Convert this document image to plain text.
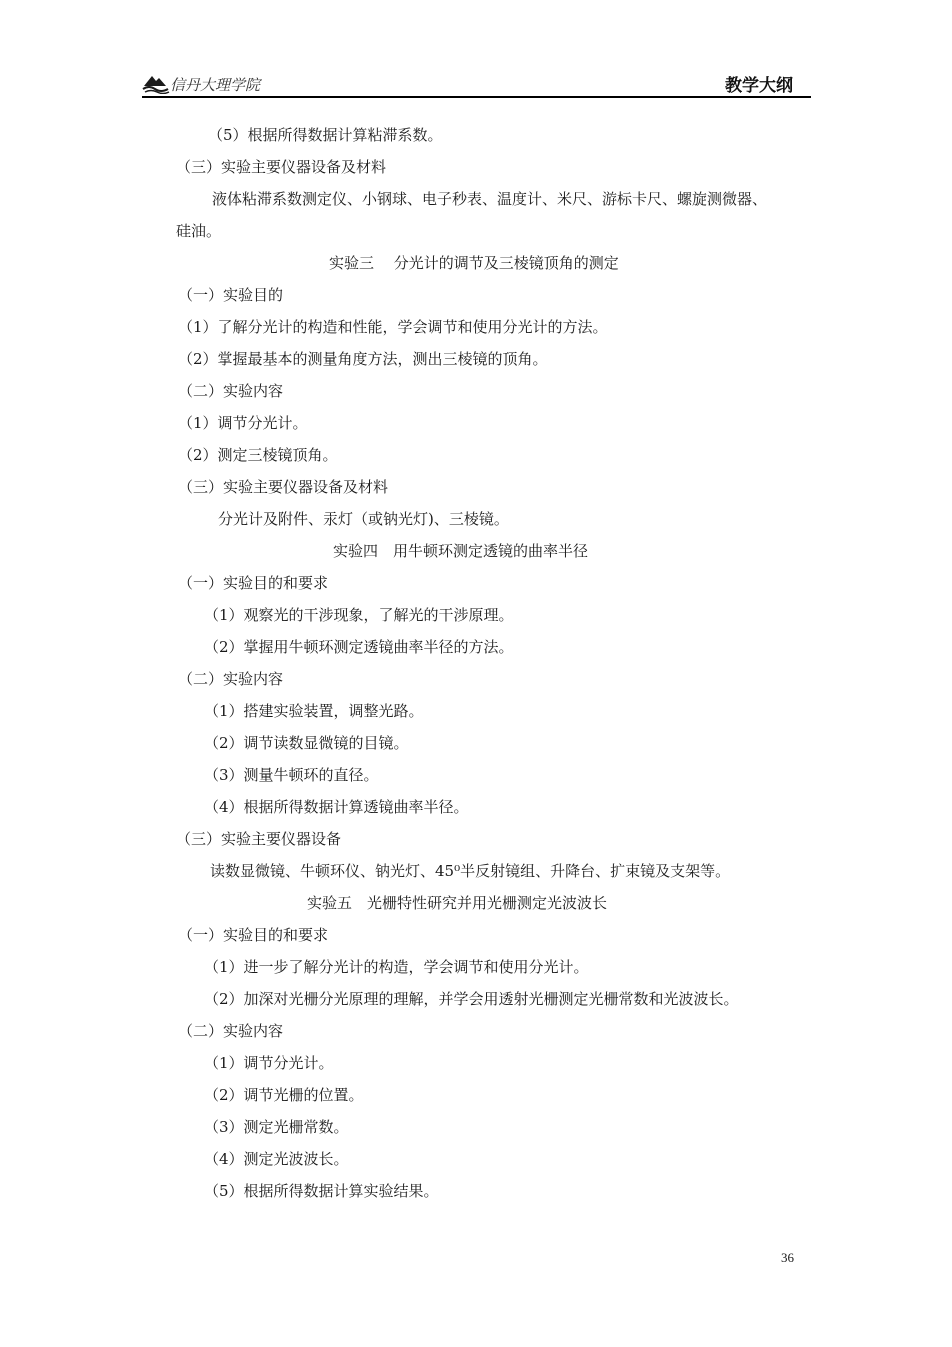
信丹大理学院	教学大纲
（5）根据所得数据计算粘滞系数。
（三）实验主要仪器设备及材料
液体粘滞系数测定仪、小钢球、电子秒表、温度计、米尺、游标卡尺、螺旋测微器、
硅油。
实验三　 分光计的调节及三棱镜顶角的测定
（一）实验目的
（1）了解分光计的构造和性能，学会调节和使用分光计的方法。
（2）掌握最基本的测量角度方法，测出三棱镜的顶角。
（二）实验内容
（1）调节分光计。
（2）测定三棱镜顶角。
（三）实验主要仪器设备及材料
分光计及附件、汞灯（或钠光灯)、三棱镜。
实验四　用牛顿环测定透镜的曲率半径
（一）实验目的和要求
（1）观察光的干涉现象，了解光的干涉原理。
（2）掌握用牛顿环测定透镜曲率半径的方法。
（二）实验内容
（1）搭建实验装置，调整光路。
（2）调节读数显微镜的目镜。
（3）测量牛顿环的直径。
（4）根据所得数据计算透镜曲率半径。
（三）实验主要仪器设备
读数显微镜、牛顿环仪、钠光灯、45⁰半反射镜组、升降台、扩束镜及支架等。
实验五　光栅特性研究并用光栅测定光波波长
（一）实验目的和要求
（1）进一步了解分光计的构造，学会调节和使用分光计。
（2）加深对光栅分光原理的理解，并学会用透射光栅测定光栅常数和光波波长。
（二）实验内容
（1）调节分光计。
（2）调节光栅的位置。
（3）测定光栅常数。
（4）测定光波波长。
（5）根据所得数据计算实验结果。
36
